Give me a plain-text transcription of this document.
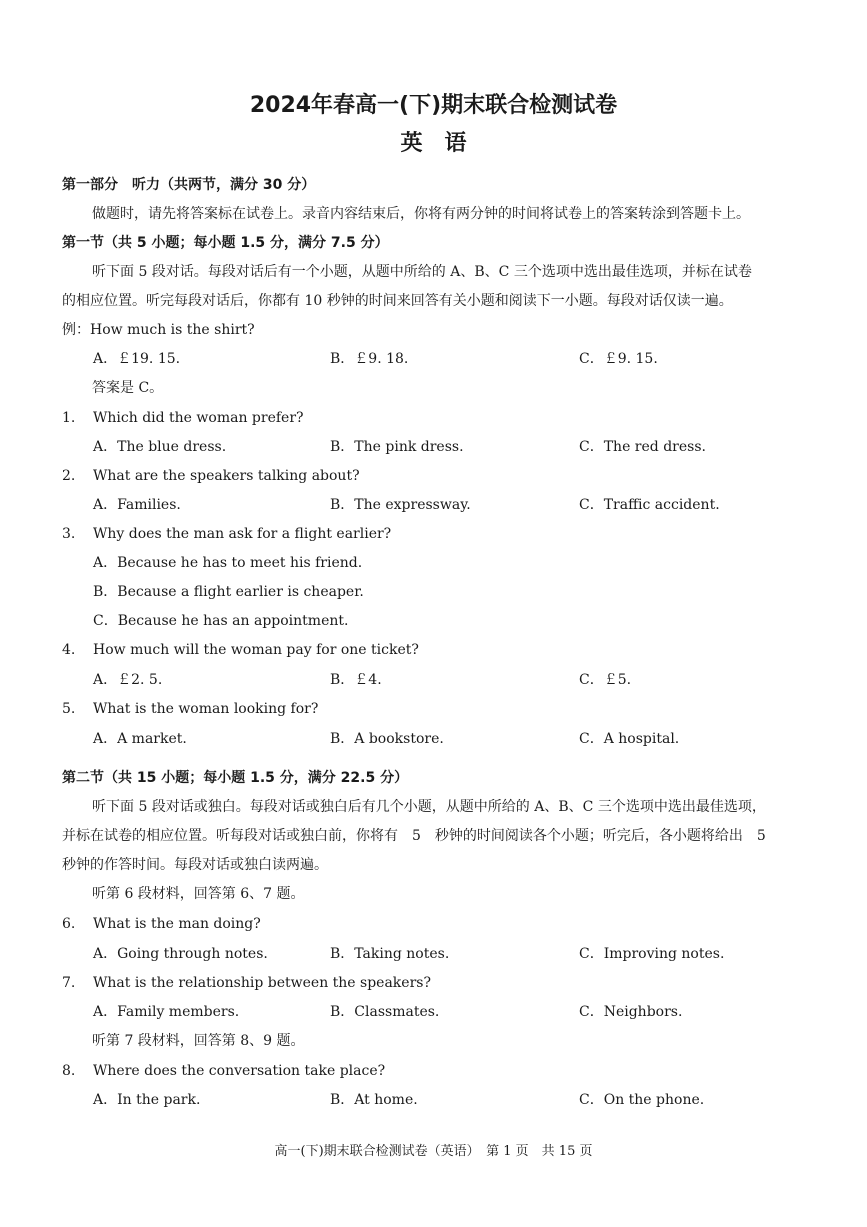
2024年春高一(下)期末联合检测试卷
英语
第一部分　听力（共两节，满分 30 分）
做题时，请先将答案标在试卷上。录音内容结束后，你将有两分钟的时间将试卷上的答案转涂到答题卡上。
第一节（共 5 小题；每小题 1.5 分，满分 7.5 分）
听下面 5 段对话。每段对话后有一个小题，从题中所给的 A、B、C 三个选项中选出最佳选项，并标在试卷
的相应位置。听完每段对话后，你都有 10 秒钟的时间来回答有关小题和阅读下一小题。每段对话仅读一遍。
例：How much is the shirt?
A．￡19. 15.	B．￡9. 18.	C．￡9. 15.
答案是 C。
1. Which did the woman prefer?
A．The blue dress.	B．The pink dress.	C．The red dress.
2. What are the speakers talking about?
A．Families.	B．The expressway.	C．Traffic accident.
3. Why does the man ask for a flight earlier?
A．Because he has to meet his friend.
B．Because a flight earlier is cheaper.
C．Because he has an appointment.
4. How much will the woman pay for one ticket?
A．￡2. 5.	B．￡4.	C．￡5.
5. What is the woman looking for?
A．A market.	B．A bookstore.	C．A hospital.
第二节（共 15 小题；每小题 1.5 分，满分 22.5 分）
听下面 5 段对话或独白。每段对话或独白后有几个小题，从题中所给的 A、B、C 三个选项中选出最佳选项，
并标在试卷的相应位置。听每段对话或独白前，你将有　5　秒钟的时间阅读各个小题；听完后，各小题将给出　5
秒钟的作答时间。每段对话或独白读两遍。
听第 6 段材料，回答第 6、7 题。
6. What is the man doing?
A．Going through notes.	B．Taking notes.	C．Improving notes.
7. What is the relationship between the speakers?
A．Family members.	B．Classmates.	C．Neighbors.
听第 7 段材料，回答第 8、9 题。
8. Where does the conversation take place?
A．In the park.	B．At home.	C．On the phone.
高一(下)期末联合检测试卷（英语）　第 1 页　共 15 页
